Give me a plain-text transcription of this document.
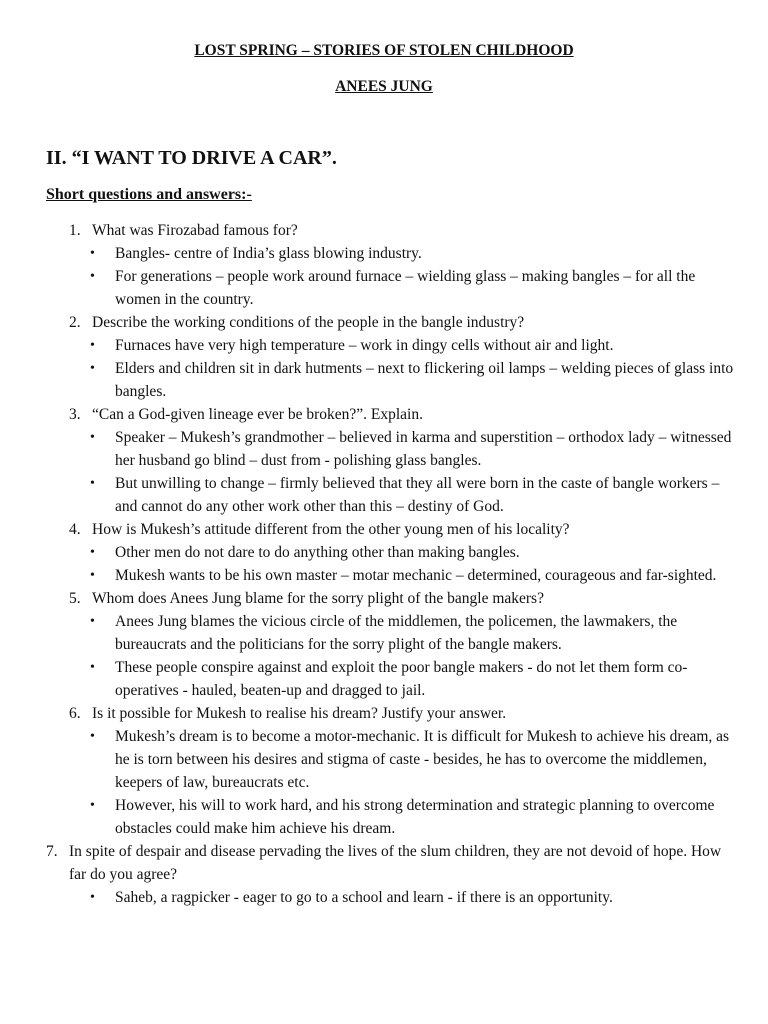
LOST SPRING – STORIES OF STOLEN CHILDHOOD
ANEES JUNG
II. “I WANT TO DRIVE A CAR”.
Short questions and answers:-
1. What was Firozabad famous for?
• Bangles- centre of India’s glass blowing industry.
• For generations – people work around furnace – wielding glass – making bangles – for all the women in the country.
2. Describe the working conditions of the people in the bangle industry?
• Furnaces have very high temperature – work in dingy cells without air and light.
• Elders and children sit in dark hutments – next to flickering oil lamps – welding pieces of glass into bangles.
3. “Can a God-given lineage ever be broken?”. Explain.
• Speaker – Mukesh’s grandmother – believed in karma and superstition – orthodox lady – witnessed her husband go blind – dust from - polishing glass bangles.
• But unwilling to change – firmly believed that they all were born in the caste of bangle workers – and cannot do any other work other than this – destiny of God.
4. How is Mukesh’s attitude different from the other young men of his locality?
• Other men do not dare to do anything other than making bangles.
• Mukesh wants to be his own master – motar mechanic – determined, courageous and far-sighted.
5. Whom does Anees Jung blame for the sorry plight of the bangle makers?
• Anees Jung blames the vicious circle of the middlemen, the policemen, the lawmakers, the bureaucrats and the politicians for the sorry plight of the bangle makers.
• These people conspire against and exploit the poor bangle makers - do not let them form co-operatives - hauled, beaten-up and dragged to jail.
6. Is it possible for Mukesh to realise his dream? Justify your answer.
• Mukesh’s dream is to become a motor-mechanic. It is difficult for Mukesh to achieve his dream, as he is torn between his desires and stigma of caste - besides, he has to overcome the middlemen, keepers of law, bureaucrats etc.
• However, his will to work hard, and his strong determination and strategic planning to overcome obstacles could make him achieve his dream.
7. In spite of despair and disease pervading the lives of the slum children, they are not devoid of hope. How far do you agree?
• Saheb, a ragpicker - eager to go to a school and learn - if there is an opportunity.
